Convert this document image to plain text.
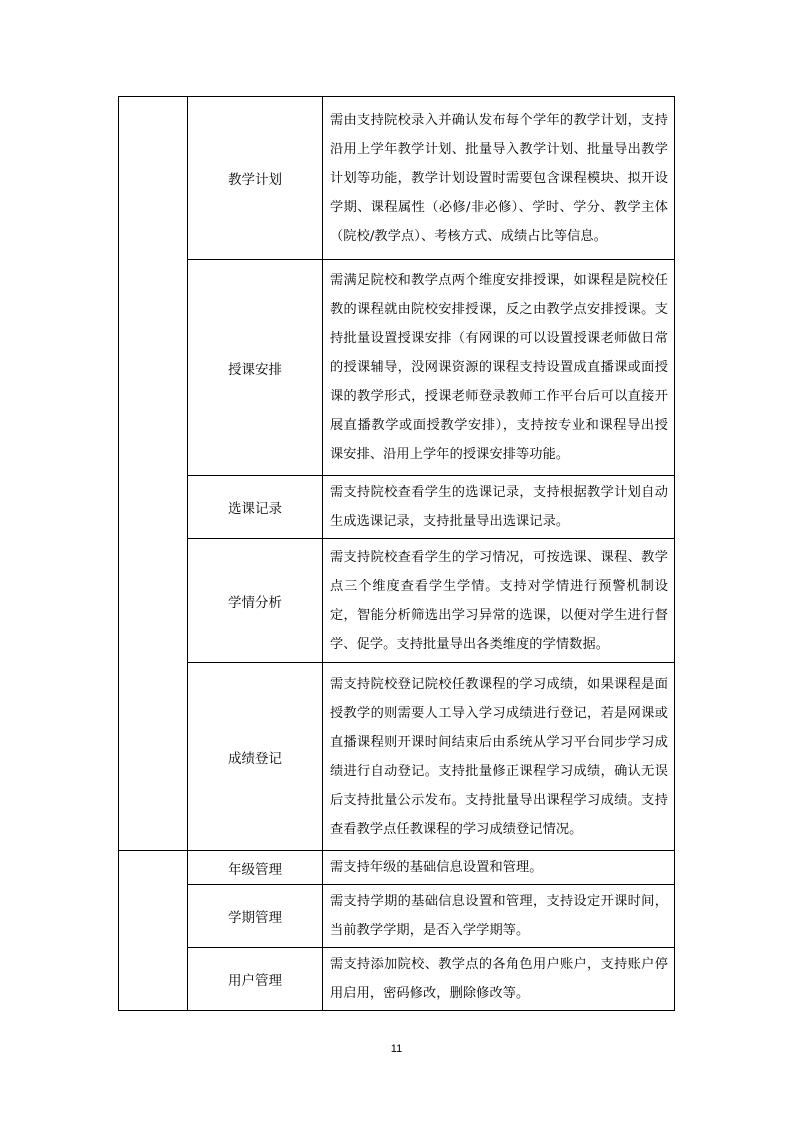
	教学计划	需由支持院校录入并确认发布每个学年的教学计划，支持沿用上学年教学计划、批量导入教学计划、批量导出教学计划等功能，教学计划设置时需要包含课程模块、拟开设学期、课程属性（必修/非必修）、学时、学分、教学主体（院校/教学点）、考核方式、成绩占比等信息。
	授课安排	需满足院校和教学点两个维度安排授课，如课程是院校任教的课程就由院校安排授课，反之由教学点安排授课。支持批量设置授课安排（有网课的可以设置授课老师做日常的授课辅导，没网课资源的课程支持设置成直播课或面授课的教学形式，授课老师登录教师工作平台后可以直接开展直播教学或面授教学安排），支持按专业和课程导出授课安排、沿用上学年的授课安排等功能。
	选课记录	需支持院校查看学生的选课记录，支持根据教学计划自动生成选课记录，支持批量导出选课记录。
	学情分析	需支持院校查看学生的学习情况，可按选课、课程、教学点三个维度查看学生学情。支持对学情进行预警机制设定，智能分析筛选出学习异常的选课，以便对学生进行督学、促学。支持批量导出各类维度的学情数据。
	成绩登记	需支持院校登记院校任教课程的学习成绩，如果课程是面授教学的则需要人工导入学习成绩进行登记，若是网课或直播课程则开课时间结束后由系统从学习平台同步学习成绩进行自动登记。支持批量修正课程学习成绩，确认无误后支持批量公示发布。支持批量导出课程学习成绩。支持查看教学点任教课程的学习成绩登记情况。
	年级管理	需支持年级的基础信息设置和管理。
	学期管理	需支持学期的基础信息设置和管理，支持设定开课时间，当前教学学期，是否入学学期等。
	用户管理	需支持添加院校、教学点的各角色用户账户，支持账户停用启用，密码修改，删除修改等。
11
